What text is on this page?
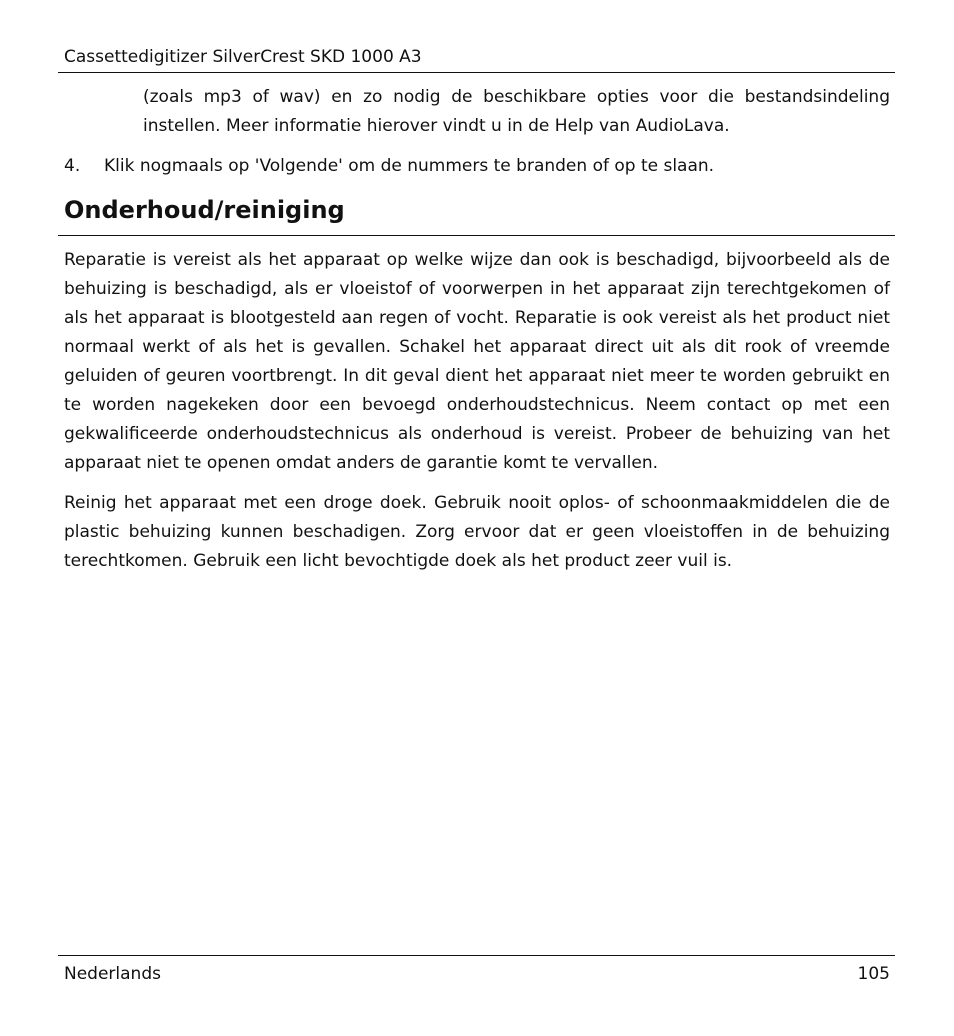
Cassettedigitizer SilverCrest SKD 1000 A3

(zoals mp3 of wav) en zo nodig de beschikbare opties voor die bestandsindeling instellen. Meer informatie hierover vindt u in de Help van AudioLava.

4. Klik nogmaals op 'Volgende' om de nummers te branden of op te slaan.
Onderhoud/reiniging

Reparatie is vereist als het apparaat op welke wijze dan ook is beschadigd, bijvoorbeeld als de behuizing is beschadigd, als er vloeistof of voorwerpen in het apparaat zijn terechtgekomen of als het apparaat is blootgesteld aan regen of vocht. Reparatie is ook vereist als het product niet normaal werkt of als het is gevallen. Schakel het apparaat direct uit als dit rook of vreemde geluiden of geuren voortbrengt. In dit geval dient het apparaat niet meer te worden gebruikt en te worden nagekeken door een bevoegd onderhoudstechnicus. Neem contact op met een gekwalificeerde onderhoudstechnicus als onderhoud is vereist. Probeer de behuizing van het apparaat niet te openen omdat anders de garantie komt te vervallen.

Reinig het apparaat met een droge doek. Gebruik nooit oplos- of schoonmaakmiddelen die de plastic behuizing kunnen beschadigen. Zorg ervoor dat er geen vloeistoffen in de behuizing terechtkomen. Gebruik een licht bevochtigde doek als het product zeer vuil is.

Nederlands	105
